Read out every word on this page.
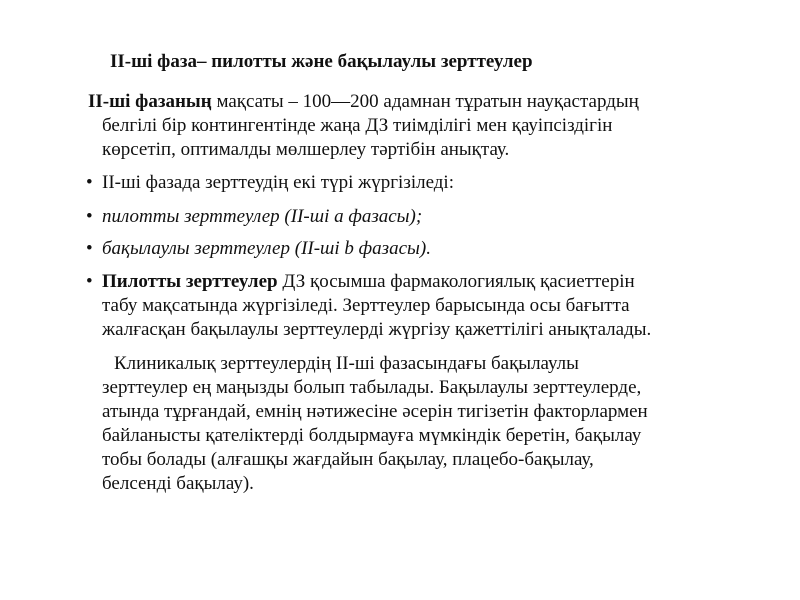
II-ші фаза– пилотты және бақылаулы зерттеулер
II-ші фазаның мақсаты – 100—200 адамнан тұратын науқастардың
белгілі бір контингентінде жаңа ДЗ тиімділігі мен қауіпсіздігін
көрсетіп, оптималды мөлшерлеу тәртібін анықтау.
• II-ші фазада зерттеудің екі түрі жүргізіледі:
• пилотты зерттеулер (II-ші а фазасы);
• бақылаулы зерттеулер (II-ші b фазасы).
• Пилотты зерттеулер ДЗ қосымша фармакологиялық қасиеттерін
табу мақсатында жүргізіледі. Зерттеулер барысында осы бағытта
жалғасқан бақылаулы зерттеулерді жүргізу қажеттілігі анықталады.
Клиникалық зерттеулердің II-ші фазасындағы бақылаулы
зерттеулер ең маңызды болып табылады. Бақылаулы зерттеулерде,
атында тұрғандай, емнің нәтижесіне әсерін тигізетін факторлармен
байланысты қателіктерді болдырмауға мүмкіндік беретін, бақылау
тобы болады (алғашқы жағдайын бақылау, плацебо-бақылау,
белсенді бақылау).
